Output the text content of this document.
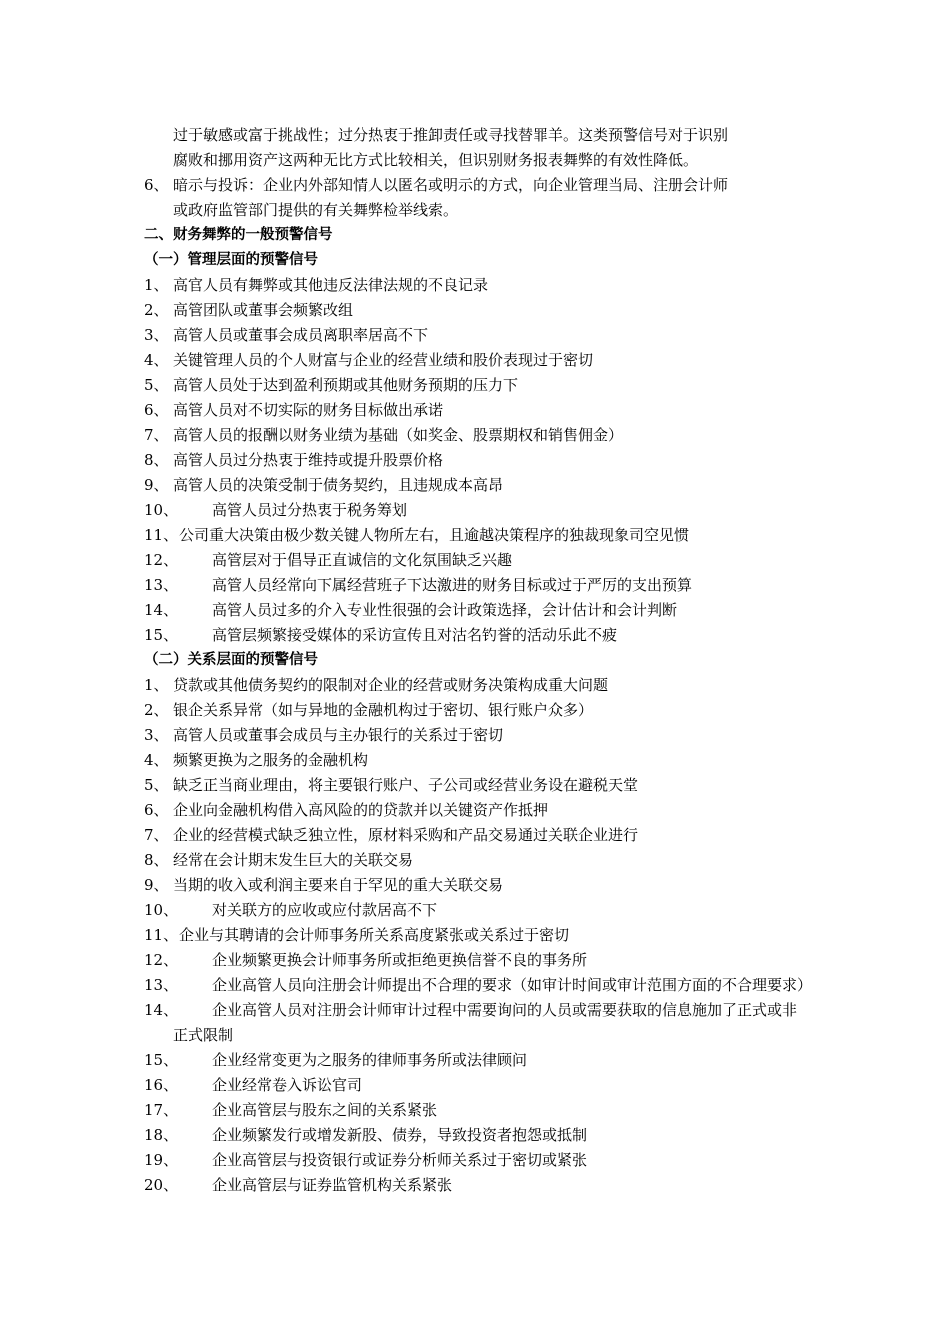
过于敏感或富于挑战性；过分热衷于推卸责任或寻找替罪羊。这类预警信号对于识别
腐败和挪用资产这两种无比方式比较相关，但识别财务报表舞弊的有效性降低。
6、 暗示与投诉：企业内外部知情人以匿名或明示的方式，向企业管理当局、注册会计师
或政府监管部门提供的有关舞弊检举线索。
二、财务舞弊的一般预警信号
（一）管理层面的预警信号
1、 高官人员有舞弊或其他违反法律法规的不良记录
2、 高管团队或董事会频繁改组
3、 高管人员或董事会成员离职率居高不下
4、 关键管理人员的个人财富与企业的经营业绩和股价表现过于密切
5、 高管人员处于达到盈利预期或其他财务预期的压力下
6、 高管人员对不切实际的财务目标做出承诺
7、 高管人员的报酬以财务业绩为基础（如奖金、股票期权和销售佣金）
8、 高管人员过分热衷于维持或提升股票价格
9、 高管人员的决策受制于债务契约，且违规成本高昂
10、 高管人员过分热衷于税务筹划
11、 公司重大决策由极少数关键人物所左右，且逾越决策程序的独裁现象司空见惯
12、 高管层对于倡导正直诚信的文化氛围缺乏兴趣
13、 高管人员经常向下属经营班子下达激进的财务目标或过于严厉的支出预算
14、 高管人员过多的介入专业性很强的会计政策选择，会计估计和会计判断
15、 高管层频繁接受媒体的采访宣传且对沽名钓誉的活动乐此不疲
（二）关系层面的预警信号
1、 贷款或其他债务契约的限制对企业的经营或财务决策构成重大问题
2、 银企关系异常（如与异地的金融机构过于密切、银行账户众多）
3、 高管人员或董事会成员与主办银行的关系过于密切
4、 频繁更换为之服务的金融机构
5、 缺乏正当商业理由，将主要银行账户、子公司或经营业务设在避税天堂
6、 企业向金融机构借入高风险的的贷款并以关键资产作抵押
7、 企业的经营模式缺乏独立性，原材料采购和产品交易通过关联企业进行
8、 经常在会计期末发生巨大的关联交易
9、 当期的收入或利润主要来自于罕见的重大关联交易
10、 对关联方的应收或应付款居高不下
11、 企业与其聘请的会计师事务所关系高度紧张或关系过于密切
12、 企业频繁更换会计师事务所或拒绝更换信誉不良的事务所
13、	企业高管人员向注册会计师提出不合理的要求（如审计时间或审计范围方面的不合理要求）
14、	企业高管人员对注册会计师审计过程中需要询问的人员或需要获取的信息施加了正式或非正式限制
15、 企业经常变更为之服务的律师事务所或法律顾问
16、 企业经常卷入诉讼官司
17、 企业高管层与股东之间的关系紧张
18、 企业频繁发行或增发新股、债券，导致投资者抱怨或抵制
19、 企业高管层与投资银行或证券分析师关系过于密切或紧张
20、 企业高管层与证券监管机构关系紧张
